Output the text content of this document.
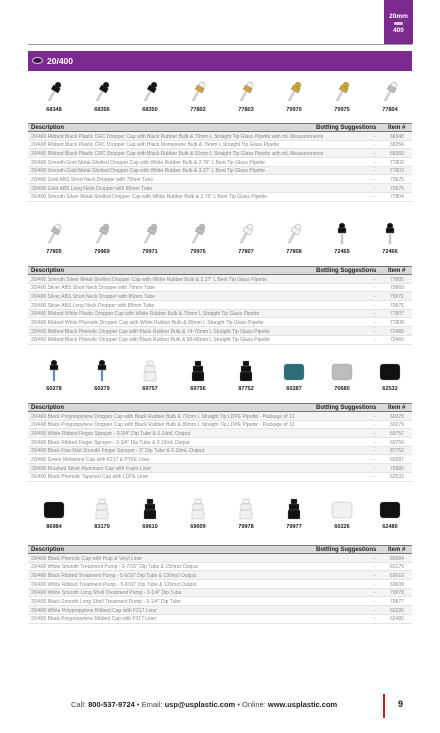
20mm
400
20/400
68348	68356	68350	77802	77803	79970	79975	77804
Description	Bottling Suggestions Item #
20/400 Ribbed Black Plastic CRC Dropper Cap with Black Rubber Bulb & 76mm L Straight Tip Glass Pipette with mL Measurements	-	68348
20/400 Ribbed Black Plastic CRC Dropper Cap with Black Monoprene Bulb & 76mm L Straight Tip Glass Pipette	-	68356
20/400 Ribbed Black Plastic CRC Dropper Cap with Black Rubber Bulb & 91mm L Straight Tip Glass Pipette with mL Measurements	-	68350
20/400 Smooth Gold Metal-Shelled Dropper Cap with White Rubber Bulb & 2.76" L Bent Tip Glass Pipette	-	77802
20/400 Smooth Gold Metal-Shelled Dropper Cap with White Rubber Bulb & 3.37" L Bent Tip Glass Pipette	-	77803
20/400 Gold ABS Short Neck Dropper with 70mm Tube	-	79970
20/400 Gold ABS Long Neck Dropper with 85mm Tube	-	79975
20/400 Smooth Silver Metal-Shelled Dropper Cap with White Rubber Bulb & 2.76" L Bent Tip Glass Pipette	-	77804
77805	79969	79971	79976	77807	77808	72465	72466
Description	Bottling Suggestions Item #
20/400 Smooth Silver Metal-Shelled Dropper Cap with White Rubber Bulb & 3.37" L Bent Tip Glass Pipette	-	77805
20/400 Silver ABS Short Neck Dropper with 70mm Tube	-	79969
20/400 Silver ABS Short Neck Dropper with 85mm Tube	-	79971
20/400 Silver ABS Long Neck Dropper with 85mm Tube	-	79976
20/400 Ribbed White Plastic Dropper Cap with White Rubber Bulb & 76mm L Straight Tip Glass Pipette	-	77807
20/400 Ribbed White Phenolic Dropper Cap with White Rubber Bulb & 89mm L Straight Tip Glass Pipette	-	77808
20/400 Ribbed Black Phenolic Dropper Cap with Black Rubber Bulb & 74-76mm L Straight Tip Glass Pipette	-	72465
20/400 Ribbed Black Phenolic Dropper Cap with Black Rubber Bulb & 86-88mm L Straight Tip Glass Pipette	-	72466
60278	60279	69757	69756	87752	60287	70680	62532
Description	Bottling Suggestions Item #
20/400 Black Polypropylene Dropper Cap with Black Rubber Bulb & 72mm L Straight Tip LDPE Pipette - Package of 12	-	60278
20/400 Black Polypropylene Dropper Cap with Black Rubber Bulb & 89mm L Straight Tip LDPE Pipette - Package of 12	-	60279
20/400 White Ribbed Finger Sprayer - 3-3/4" Dip Tube & 0.14mL Output	-	69757
20/400 Black Ribbed Finger Sprayer - 3-3/4" Dip Tube & 0.19mL Output	-	69756
20/400 Black Fine Mist Smooth Finger Sprayer - 3" Dip Tube & 0.18mL Output	-	87752
20/400 Green Melamine Cap with F217 & PTFE Liner	-	60287
20/400 Brushed Silver Aluminum Cap with Foam Liner	-	70680
20/400 Black Phenolic Tapersel Cap with LDPE Liner	-	62532
86984	83179	69610	69609	79978	79977	60226	62480
Description	Bottling Suggestions Item #
20/400 Black Phenolic Cap with Pulp & Vinyl Liner	-	86984
20/400 White Smooth Treatment Pump - 3-7/16" Dip Tube & 150mcl Output	-	83179
20/400 Black Ribbed Treatment Pump - 5-9/16" Dip Tube & 130mcl Output	-	69610
20/400 White Ribbed Treatment Pump - 5-9/16" Dip Tube & 130mcl Output	-	69609
20/400 White Smooth Long Shell Treatment Pump - 3-1/4" Dip Tube	-	79978
20/400 Black Smooth Long Shell Treatment Pump - 3-1/4" Dip Tube	-	79977
20/400 White Polypropylene Ribbed Cap with F217 Liner	-	60226
20/400 Black Polypropylene Ribbed Cap with F217 Liner	-	62480
Call: 800-537-9724 • Email: usp@usplastic.com • Online: www.usplastic.com	9
